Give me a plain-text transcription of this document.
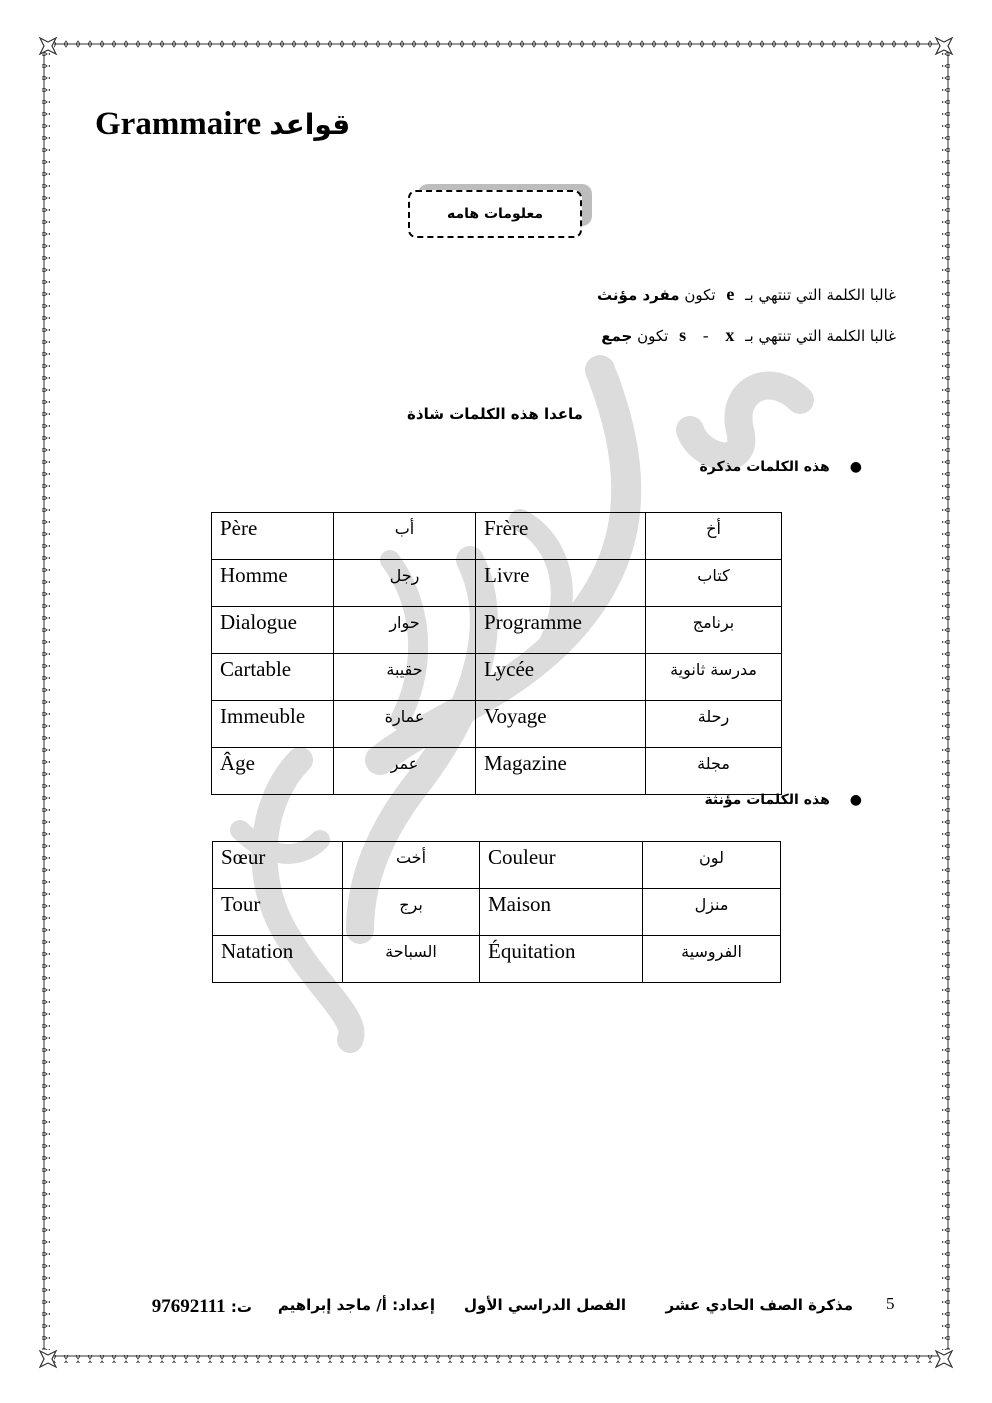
Grammaire قواعد
معلومات هامه
غالبا الكلمة التي تنتهي بـ e تكون مفرد مؤنث
غالبا الكلمة التي تنتهي بـ s - x تكون جمع
ماعدا هذه الكلمات شاذة
●هذه الكلمات مذكرة
Père	أب	Frère	أخ
Homme	رجل	Livre	كتاب
Dialogue	حوار	Programme	برنامج
Cartable	حقيبة	Lycée	مدرسة ثانوية
Immeuble	عمارة	Voyage	رحلة
Âge	عمر	Magazine	مجلة
●هذه الكلمات مؤنثة
Sœur	أخت	Couleur	لون
Tour	برج	Maison	منزل
Natation	السباحة	Équitation	الفروسية
5
مذكرة الصف الحادي عشر
الفصل الدراسي الأول
إعداد: أ/ ماجد إبراهيم
ت: 97692111
